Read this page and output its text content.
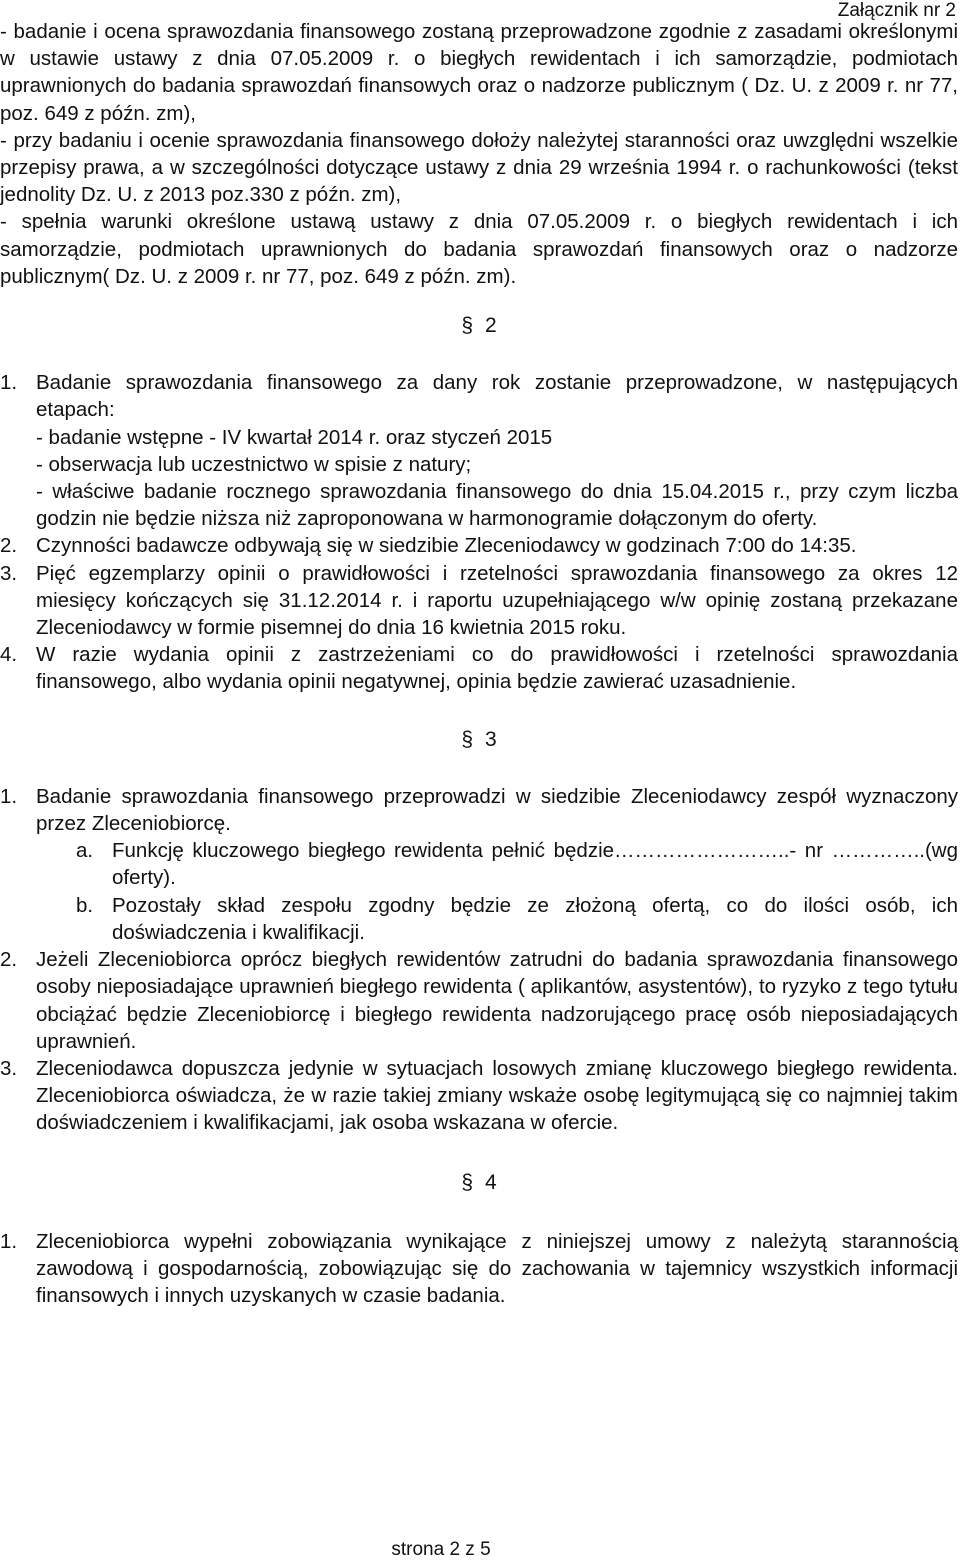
Załącznik nr 2

- badanie i ocena sprawozdania finansowego zostaną przeprowadzone zgodnie z zasadami określonymi w ustawie ustawy z dnia 07.05.2009 r. o biegłych rewidentach i ich samorządzie, podmiotach uprawnionych do badania sprawozdań finansowych oraz o nadzorze publicznym ( Dz. U. z 2009 r. nr 77, poz. 649 z późn. zm),

- przy badaniu i ocenie sprawozdania finansowego dołoży należytej staranności oraz uwzględni wszelkie przepisy prawa, a w szczególności dotyczące ustawy z dnia 29 września 1994 r. o rachunkowości (tekst jednolity Dz. U. z 2013 poz.330 z późn. zm),

- spełnia warunki określone ustawą ustawy z dnia 07.05.2009 r. o biegłych rewidentach i ich samorządzie, podmiotach uprawnionych do badania sprawozdań finansowych oraz o nadzorze publicznym( Dz. U. z 2009 r. nr 77, poz. 649 z późn. zm).

§ 2
1. Badanie sprawozdania finansowego za dany rok zostanie przeprowadzone, w następujących etapach:

- badanie wstępne - IV kwartał 2014 r. oraz styczeń 2015

- obserwacja lub uczestnictwo w spisie z natury;

- właściwe badanie rocznego sprawozdania finansowego do dnia 15.04.2015 r., przy czym liczba godzin nie będzie niższa niż zaproponowana w harmonogramie dołączonym do oferty.

2. Czynności badawcze odbywają się w siedzibie Zleceniodawcy w godzinach 7:00 do 14:35.

3. Pięć egzemplarzy opinii o prawidłowości i rzetelności sprawozdania finansowego za okres 12 miesięcy kończących się 31.12.2014 r. i raportu uzupełniającego w/w opinię zostaną przekazane Zleceniodawcy w formie pisemnej do dnia 16 kwietnia 2015 roku.

4. W razie wydania opinii z zastrzeżeniami co do prawidłowości i rzetelności sprawozdania finansowego, albo wydania opinii negatywnej, opinia będzie zawierać uzasadnienie.

§ 3
1. Badanie sprawozdania finansowego przeprowadzi w siedzibie Zleceniodawcy zespół wyznaczony przez Zleceniobiorcę.

a. Funkcję kluczowego biegłego rewidenta pełnić będzie……………………..- nr …………..(wg oferty).

b. Pozostały skład zespołu zgodny będzie ze złożoną ofertą, co do ilości osób, ich doświadczenia i kwalifikacji.

2. Jeżeli Zleceniobiorca oprócz biegłych rewidentów zatrudni do badania sprawozdania finansowego osoby nieposiadające uprawnień biegłego rewidenta ( aplikantów, asystentów), to ryzyko z tego tytułu obciążać będzie Zleceniobiorcę i biegłego rewidenta nadzorującego pracę osób nieposiadających uprawnień.

3. Zleceniodawca dopuszcza jedynie w sytuacjach losowych zmianę kluczowego biegłego rewidenta. Zleceniobiorca oświadcza, że w razie takiej zmiany wskaże osobę legitymującą się co najmniej takim doświadczeniem i kwalifikacjami, jak osoba wskazana w ofercie.

§ 4
1. Zleceniobiorca wypełni zobowiązania wynikające z niniejszej umowy z należytą starannością zawodową i gospodarnością, zobowiązując się do zachowania w tajemnicy wszystkich informacji finansowych i innych uzyskanych w czasie badania.

strona 2 z 5
